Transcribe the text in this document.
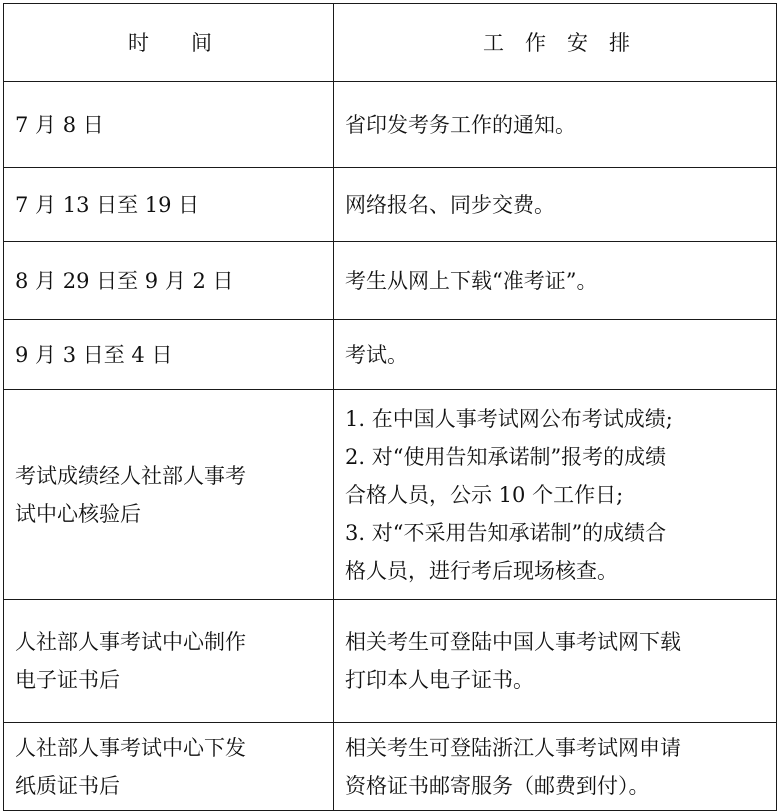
时　　间	工　作　安　排

7 月 8 日	省印发考务工作的通知。

7 月 13 日至 19 日	网络报名、同步交费。

8 月 29 日至 9 月 2 日	考生从网上下载“准考证”。

9 月 3 日至 4 日	考试。

考试成绩经人社部人事考
试中心核验后	1. 在中国人事考试网公布考试成绩;
2. 对“使用告知承诺制”报考的成绩
合格人员，公示 10 个工作日;
3. 对“不采用告知承诺制”的成绩合
格人员，进行考后现场核查。

人社部人事考试中心制作
电子证书后	相关考生可登陆中国人事考试网下载
打印本人电子证书。

人社部人事考试中心下发
纸质证书后	相关考生可登陆浙江人事考试网申请
资格证书邮寄服务（邮费到付）。
